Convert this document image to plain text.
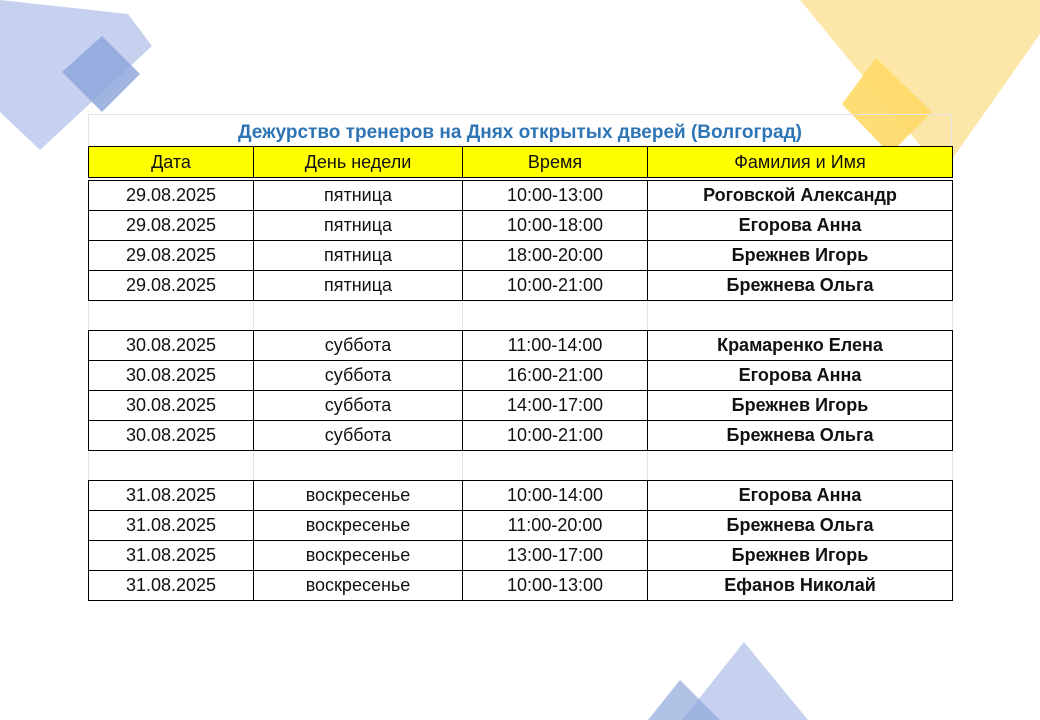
Дежурство тренеров на Днях открытых дверей (Волгоград)
Дата	День недели	Время	Фамилия и Имя

29.08.2025	пятница	10:00-13:00	Роговской Александр
29.08.2025	пятница	10:00-18:00	Егорова Анна
29.08.2025	пятница	18:00-20:00	Брежнев Игорь
29.08.2025	пятница	10:00-21:00	Брежнева Ольга

30.08.2025	суббота	11:00-14:00	Крамаренко Елена
30.08.2025	суббота	16:00-21:00	Егорова Анна
30.08.2025	суббота	14:00-17:00	Брежнев Игорь
30.08.2025	суббота	10:00-21:00	Брежнева Ольга

31.08.2025	воскресенье	10:00-14:00	Егорова Анна
31.08.2025	воскресенье	11:00-20:00	Брежнева Ольга
31.08.2025	воскресенье	13:00-17:00	Брежнев Игорь
31.08.2025	воскресенье	10:00-13:00	Ефанов Николай
